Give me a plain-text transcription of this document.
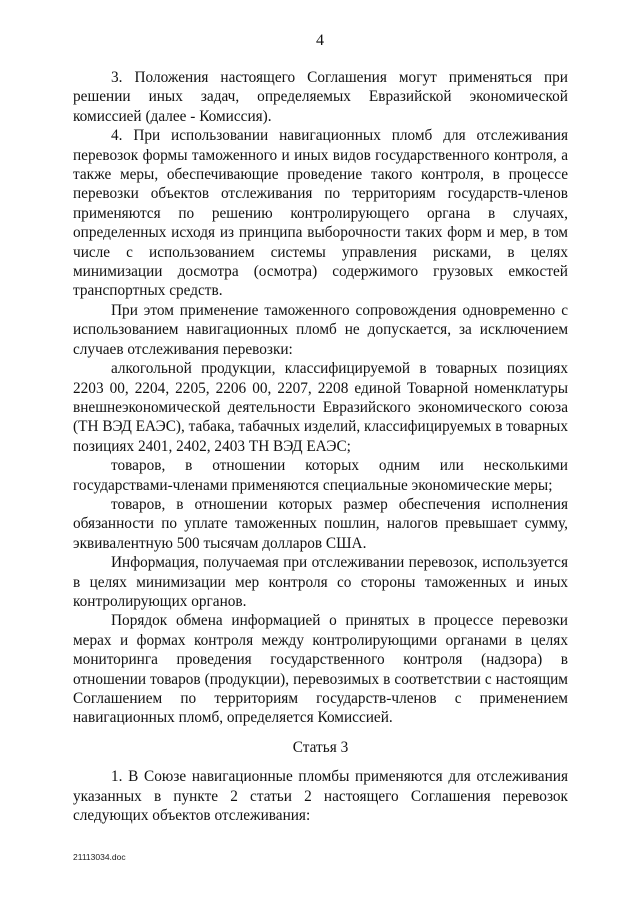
4

3. Положения настоящего Соглашения могут применяться при решении иных задач, определяемых Евразийской экономической комиссией (далее - Комиссия).

4. При использовании навигационных пломб для отслеживания перевозок формы таможенного и иных видов государственного контроля, а также меры, обеспечивающие проведение такого контроля, в процессе перевозки объектов отслеживания по территориям государств-членов применяются по решению контролирующего органа в случаях, определенных исходя из принципа выборочности таких форм и мер, в том числе с использованием системы управления рисками, в целях минимизации досмотра (осмотра) содержимого грузовых емкостей транспортных средств.

При этом применение таможенного сопровождения одновременно с использованием навигационных пломб не допускается, за исключением случаев отслеживания перевозки:

алкогольной продукции, классифицируемой в товарных позициях 2203 00, 2204, 2205, 2206 00, 2207, 2208 единой Товарной номенклатуры внешнеэкономической деятельности Евразийского экономического союза (ТН ВЭД ЕАЭС), табака, табачных изделий, классифицируемых в товарных позициях 2401, 2402, 2403 ТН ВЭД ЕАЭС;

товаров, в отношении которых одним или несколькими государствами-членами применяются специальные экономические меры;

товаров, в отношении которых размер обеспечения исполнения обязанности по уплате таможенных пошлин, налогов превышает сумму, эквивалентную 500 тысячам долларов США.

Информация, получаемая при отслеживании перевозок, используется в целях минимизации мер контроля со стороны таможенных и иных контролирующих органов.

Порядок обмена информацией о принятых в процессе перевозки мерах и формах контроля между контролирующими органами в целях мониторинга проведения государственного контроля (надзора) в отношении товаров (продукции), перевозимых в соответствии с настоящим Соглашением по территориям государств-членов с применением навигационных пломб, определяется Комиссией.

Статья 3

1. В Союзе навигационные пломбы применяются для отслеживания указанных в пункте 2 статьи 2 настоящего Соглашения перевозок следующих объектов отслеживания:

21113034.doc
